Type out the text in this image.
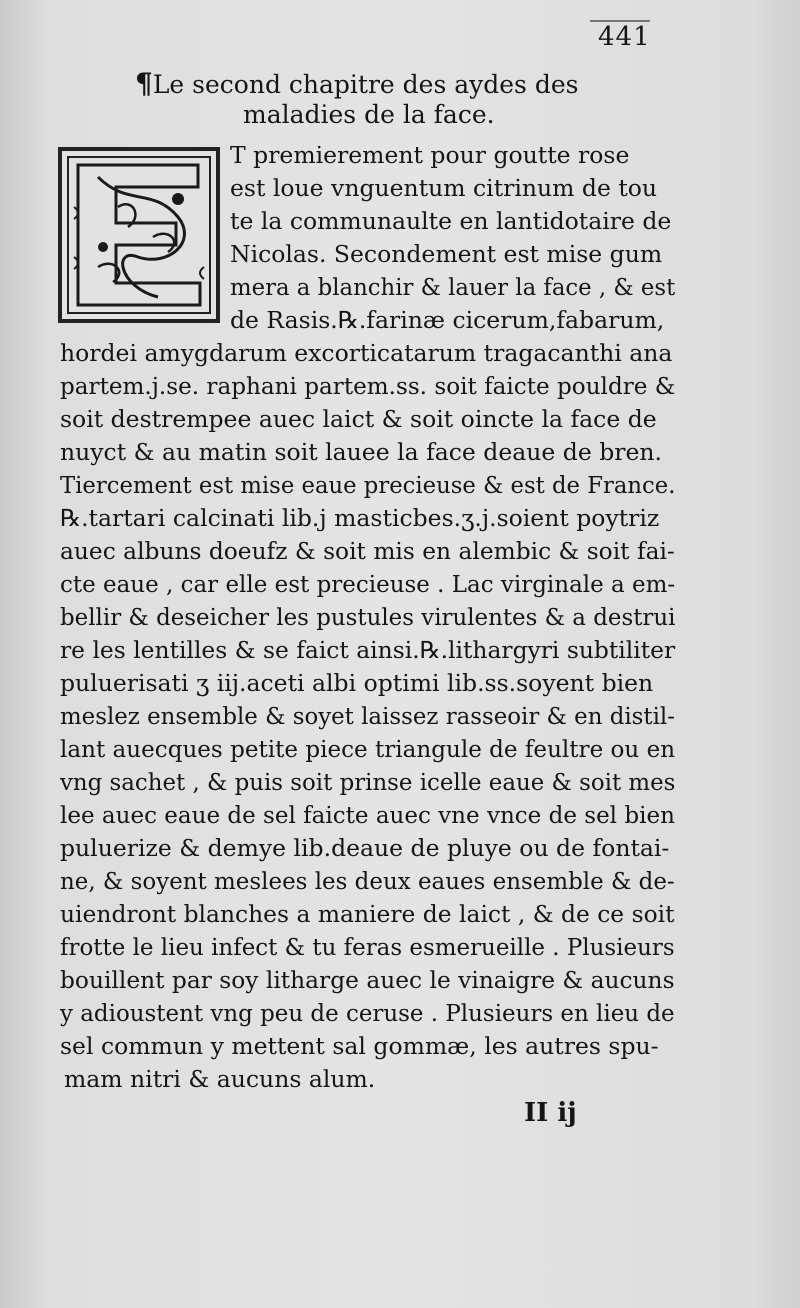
441
¶Le second chapitre des aydes des
maladies de la face.
T premierement pour goutte rose
est loue vnguentum citrinum de tou
te la communaulte en lantidotaire de
Nicolas. Secondement est mise gum
mera a blanchir & lauer la face , & est
de Rasis.℞.farinæ cicerum,fabarum,
hordei amygdarum excorticatarum tragacanthi ana
partem.j.se. raphani partem.ss. soit faicte pouldre &
soit destrempee auec laict & soit oincte la face de
nuyct & au matin soit lauee la face deaue de bren.
Tiercement est mise eaue precieuse & est de France.
℞.tartari calcinati lib.j masticbes.ʒ.j.soient poytriz
auec albuns doeufz & soit mis en alembic & soit fai-
cte eaue , car elle est precieuse . Lac virginale a em-
bellir & deseicher les pustules virulentes & a destrui
re les lentilles & se faict ainsi.℞.lithargyri subtiliter
puluerisati ʒ iij.aceti albi optimi lib.ss.soyent bien
meslez ensemble & soyet laissez rasseoir & en distil-
lant auecques petite piece triangule de feultre ou en
vng sachet , & puis soit prinse icelle eaue & soit mes
lee auec eaue de sel faicte auec vne vnce de sel bien
puluerize & demye lib.deaue de pluye ou de fontai-
ne, & soyent meslees les deux eaues ensemble & de-
uiendront blanches a maniere de laict , & de ce soit
frotte le lieu infect & tu feras esmerueille . Plusieurs
bouillent par soy litharge auec le vinaigre & aucuns
y adioustent vng peu de ceruse . Plusieurs en lieu de
sel commun y mettent sal gommæ, les autres spu-
mam nitri & aucuns alum.
II ij
